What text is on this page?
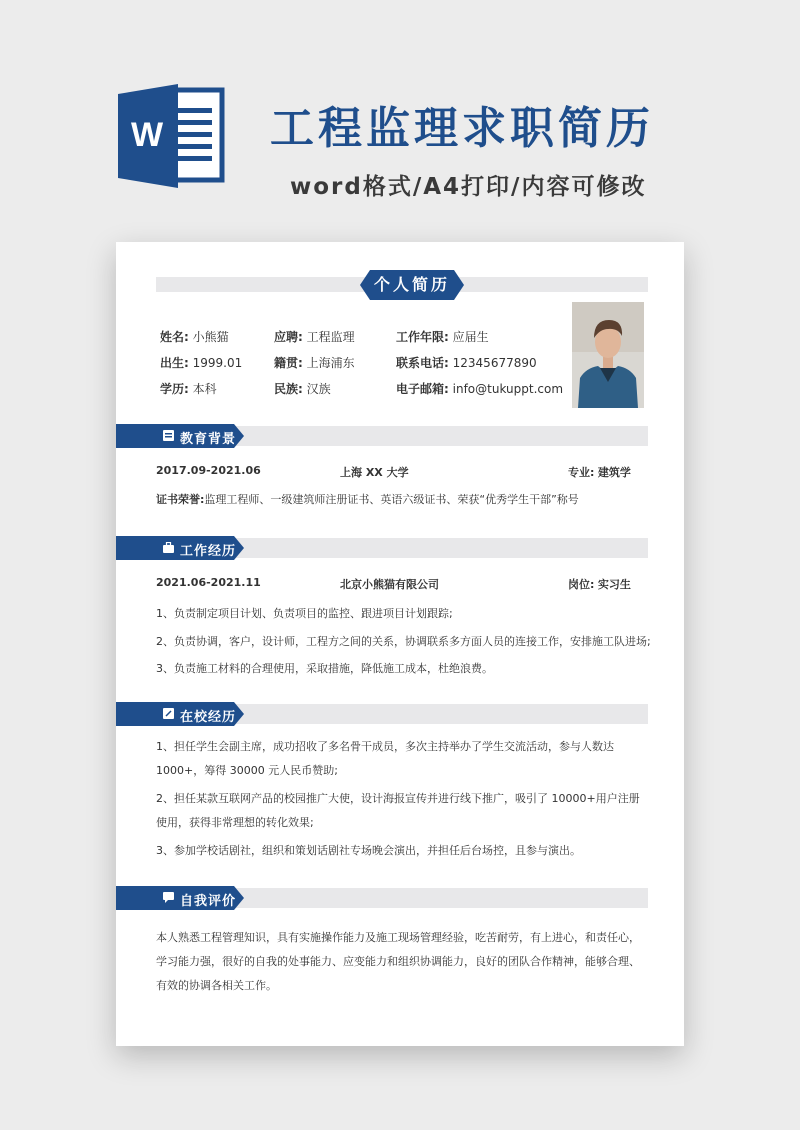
W 工程监理求职简历
word格式/A4打印/内容可修改
个人简历
姓名: 小熊猫	应聘: 工程监理	工作年限: 应届生
出生: 1999.01	籍贯: 上海浦东	联系电话: 12345677890
学历: 本科	民族: 汉族	电子邮箱: info@tukuppt.com
教育背景
2017.09-2021.06	上海 XX 大学	专业: 建筑学
证书荣誉:监理工程师、一级建筑师注册证书、英语六级证书、荣获“优秀学生干部”称号
工作经历
2021.06-2021.11	北京小熊猫有限公司	岗位: 实习生
1、负责制定项目计划、负责项目的监控、跟进项目计划跟踪;
2、负责协调，客户，设计师，工程方之间的关系，协调联系多方面人员的连接工作，安排施工队进场;
3、负责施工材料的合理使用，采取措施，降低施工成本，杜绝浪费。
在校经历
1、担任学生会副主席，成功招收了多名骨干成员，多次主持举办了学生交流活动，参与人数达 1000+，筹得 30000 元人民币赞助;
2、担任某款互联网产品的校园推广大使，设计海报宣传并进行线下推广，吸引了 10000+用户注册使用，获得非常理想的转化效果;
3、参加学校话剧社，组织和策划话剧社专场晚会演出，并担任后台场控，且参与演出。
自我评价
本人熟悉工程管理知识，具有实施操作能力及施工现场管理经验，吃苦耐劳，有上进心，和责任心，学习能力强，很好的自我的处事能力、应变能力和组织协调能力，良好的团队合作精神，能够合理、有效的协调各相关工作。
